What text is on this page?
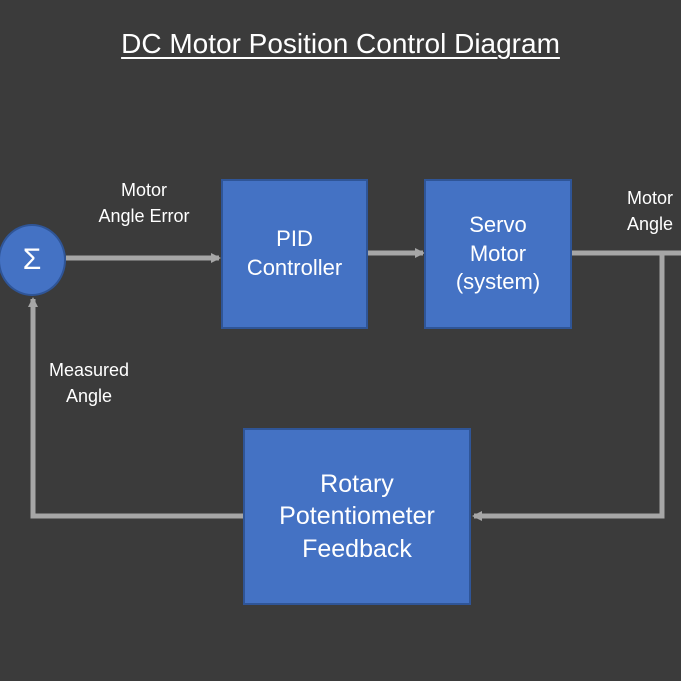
DC Motor Position Control Diagram
Σ
Motor
Angle Error
PID
Controller
Servo
Motor
(system)
Motor
Angle
Measured
Angle
Rotary
Potentiometer
Feedback
